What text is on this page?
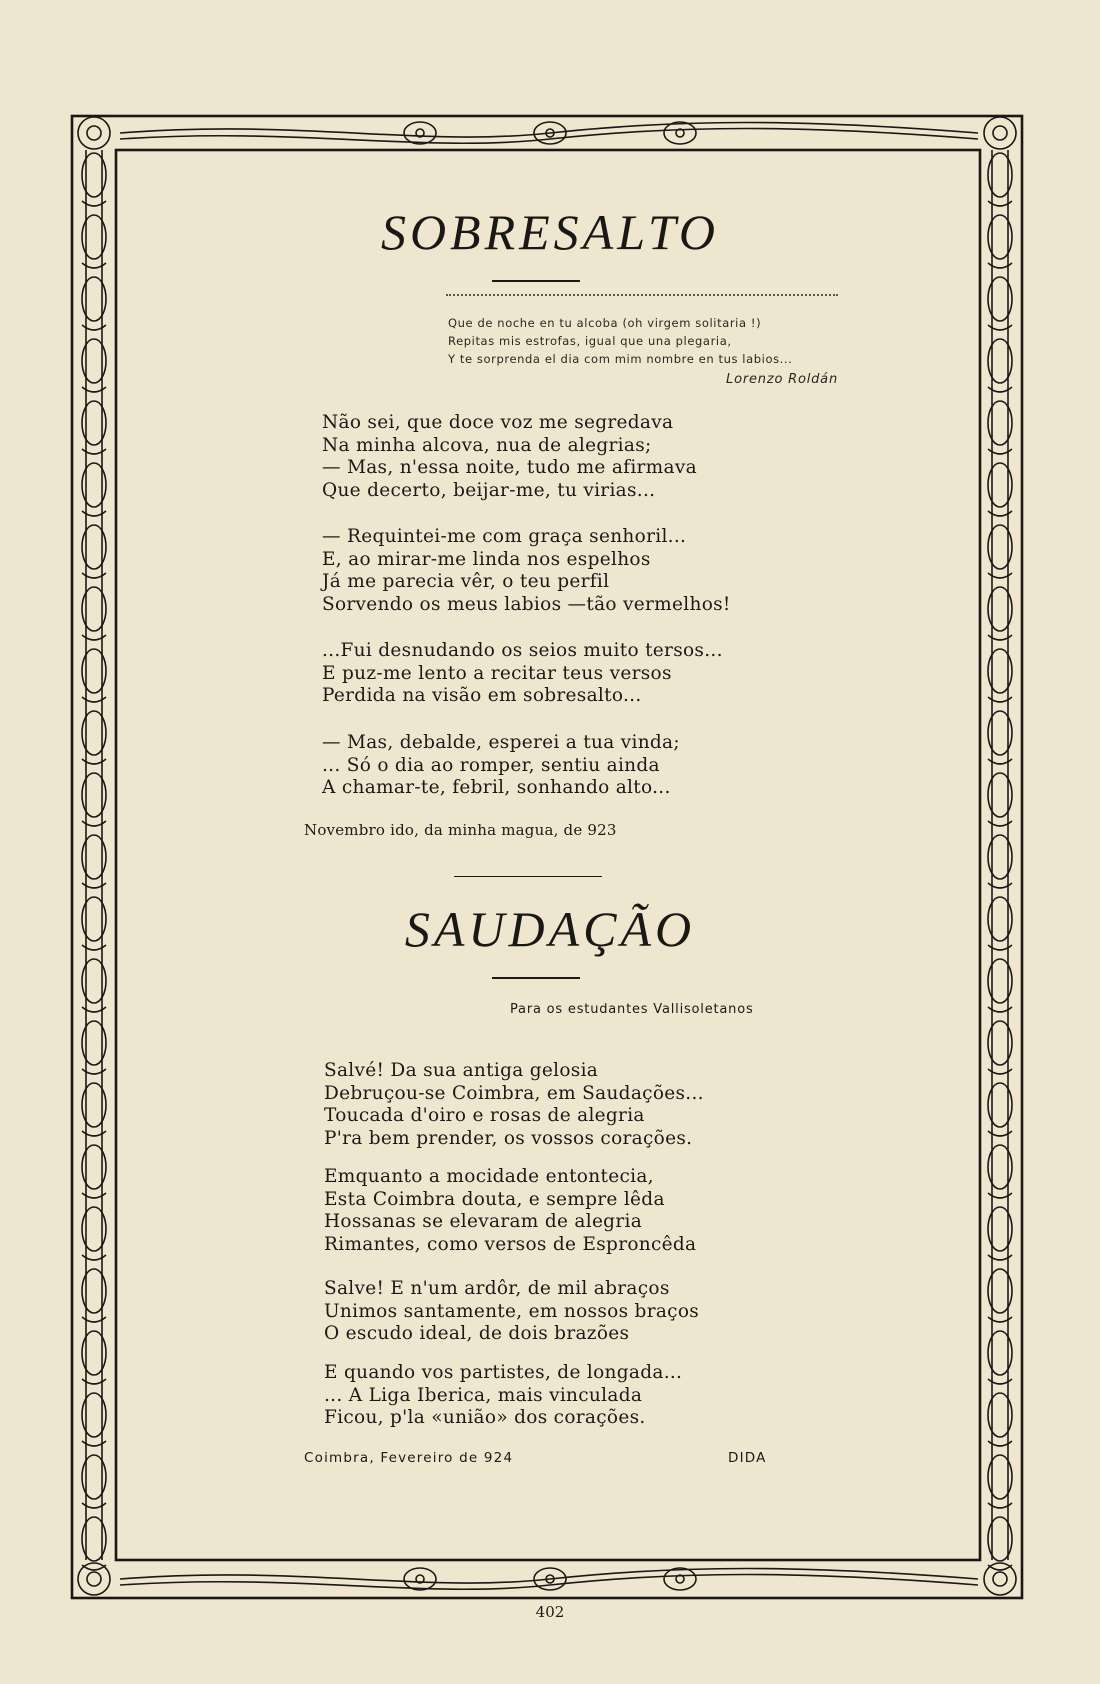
SOBRESALTO
Que de noche en tu alcoba (oh virgem solitaria !)
Repitas mis estrofas, igual que una plegaria,
Y te sorprenda el dia com mim nombre en tus labios...
Lorenzo Roldán
Não sei, que doce voz me segredava
Na minha alcova, nua de alegrias;
— Mas, n'essa noite, tudo me afirmava
Que decerto, beijar-me, tu virias...
— Requintei-me com graça senhoril...
E, ao mirar-me linda nos espelhos
Já me parecia vêr, o teu perfil
Sorvendo os meus labios —tão vermelhos!
...Fui desnudando os seios muito tersos...
E puz-me lento a recitar teus versos
Perdida na visão em sobresalto...
— Mas, debalde, esperei a tua vinda;
... Só o dia ao romper, sentiu ainda
A chamar-te, febril, sonhando alto...
Novembro ido, da minha magua, de 923
SAUDAÇÃO
Para os estudantes Vallisoletanos
Salvé! Da sua antiga gelosia
Debruçou-se Coimbra, em Saudações...
Toucada d'oiro e rosas de alegria
P'ra bem prender, os vossos corações.
Emquanto a mocidade entontecia,
Esta Coimbra douta, e sempre lêda
Hossanas se elevaram de alegria
Rimantes, como versos de Esproncêda
Salve! E n'um ardôr, de mil abraços
Unimos santamente, em nossos braços
O escudo ideal, de dois brazões
E quando vos partistes, de longada...
... A Liga Iberica, mais vinculada
Ficou, p'la «união» dos corações.
Coimbra, Fevereiro de 924	DIDA
402
